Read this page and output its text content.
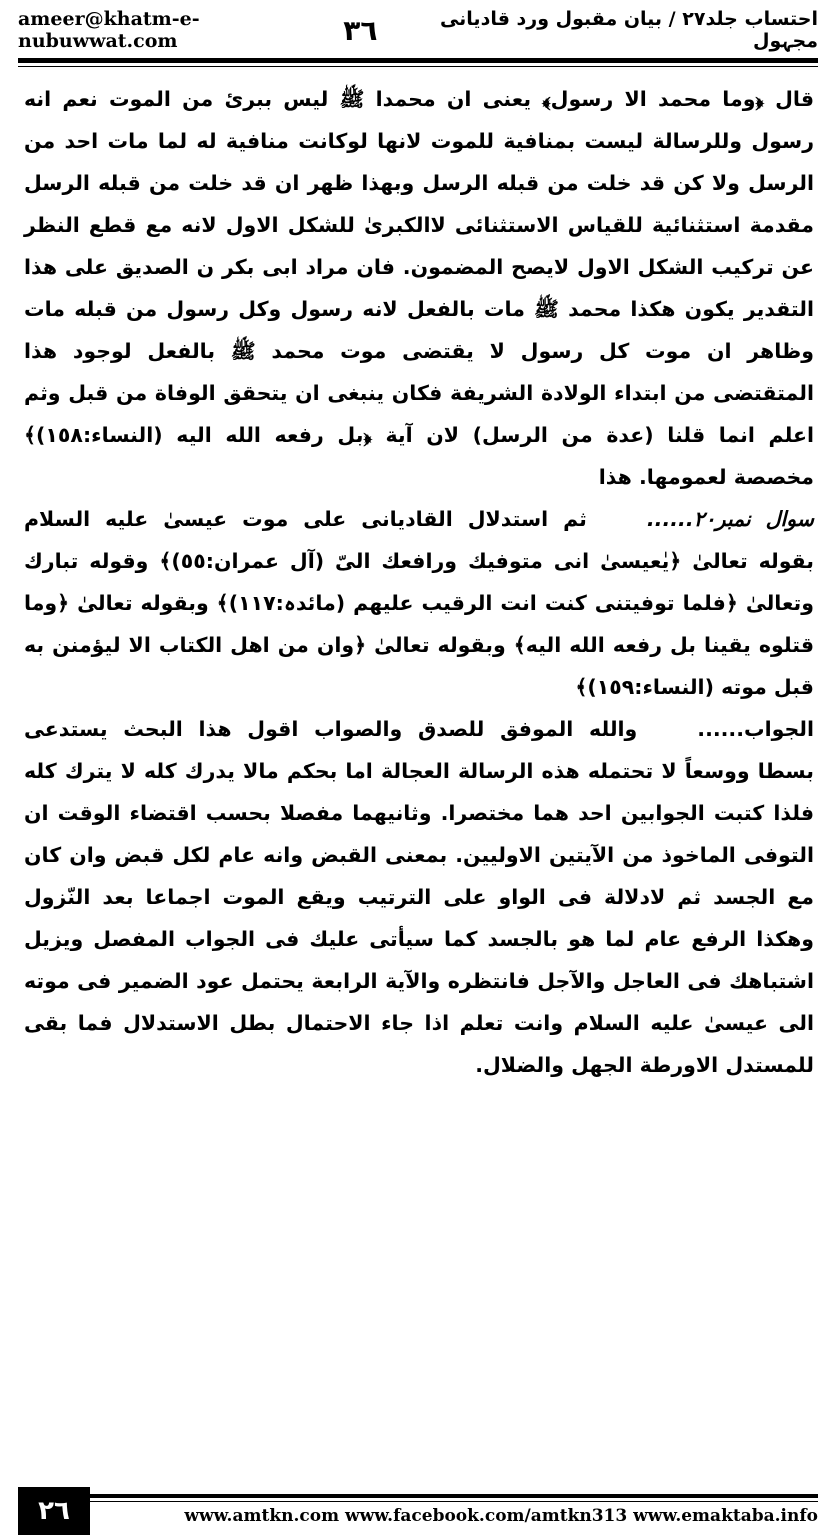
ameer@khatm-e-nubuwwat.com
احتساب جلد۲۷ / بیان مقبول ورد قادیانی مجہول
٣٦

قال ﴿وما محمد الا رسول﴾ يعنى ان محمدا ﷺ ليس ببرئ من الموت نعم انه رسول وللرسالة ليست بمنافية للموت لانها لوكانت منافية له لما مات احد من الرسل ولا كن قد خلت من قبله الرسل وبهذا ظهر ان قد خلت من قبله الرسل مقدمة استثنائية للقياس الاستثنائى لاالكبرىٰ للشكل الاول لانه مع قطع النظر عن تركيب الشكل الاول لايصح المضمون. فان مراد ابى بكر ن الصديق على هذا التقدير يكون هكذا محمد ﷺ مات بالفعل لانه رسول وكل رسول من قبله مات وظاهر ان موت كل رسول لا يقتضى موت محمد ﷺ بالفعل لوجود هذا المتقتضى من ابتداء الولادة الشريفة فكان ينبغى ان يتحقق الوفاة من قبل وثم اعلم انما قلنا (عدة من الرسل) لان آية ﴿بل رفعه الله اليه (النساء:١٥٨)﴾ مخصصة لعمومها. هذا

سوال نمبر٢٠......ثم استدلال القاديانى على موت عيسىٰ عليه السلام بقوله تعالىٰ ﴿يٰعيسىٰ انى متوفيك ورافعك الىّ (آل عمران:٥٥)﴾ وقوله تبارك وتعالىٰ ﴿فلما توفيتنى كنت انت الرقيب عليهم (مائدہ:١١٧)﴾ وبقوله تعالىٰ ﴿وما قتلوه يقينا بل رفعه الله اليه﴾ وبقوله تعالىٰ ﴿وان من اهل الكتاب الا ليؤمنن به قبل موته (النساء:١٥٩)﴾

الجواب......والله الموفق للصدق والصواب اقول هذا البحث يستدعى بسطا ووسعاً لا تحتمله هذه الرسالة العجالة اما بحكم مالا يدرك كله لا يترك كله فلذا كتبت الجوابين احد هما مختصرا. وثانيهما مفصلا بحسب اقتضاء الوقت ان التوفى الماخوذ من الآيتين الاوليين. بمعنى القبض وانه عام لكل قبض وان كان مع الجسد ثم لادلالة فى الواو على الترتيب ويقع الموت اجماعا بعد النّزول وهكذا الرفع عام لما هو بالجسد كما سيأتى عليك فى الجواب المفصل ويزيل اشتباهك فى العاجل والآجل فانتظره والآية الرابعة يحتمل عود الضمير فى موته الى عيسىٰ عليه السلام وانت تعلم اذا جاء الاحتمال بطل الاستدلال فما بقى للمستدل الاورطة الجهل والضلال.

٢٦	www.amtkn.com www.facebook.com/amtkn313 www.emaktaba.info
